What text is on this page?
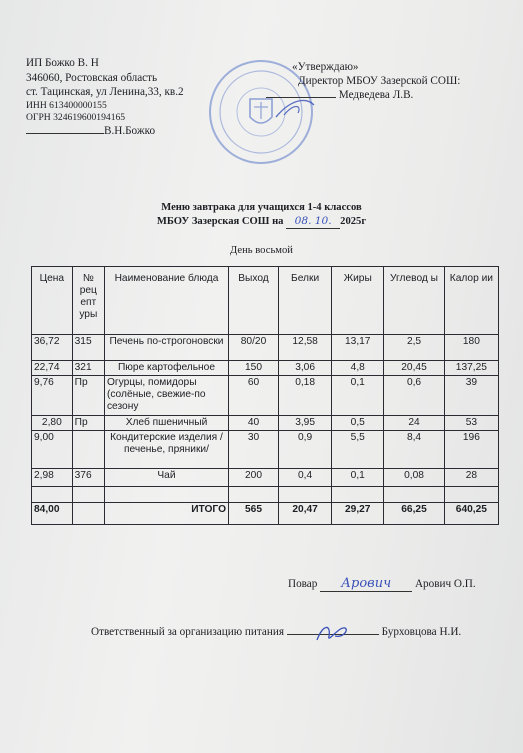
ИП Божко В. Н
346060, Ростовская область
ст. Тацинская, ул Ленина,33, кв.2
ИНН 613400000155
ОГРН 324619600194165
В.Н.Божко
«Утверждаю»
Директор МБОУ Зазерской СОШ:
Медведева Л.В.
Меню завтрака для учащихся 1-4 классов
МБОУ Зазерская СОШ на 08. 10. 2025г
День восьмой
Цена	№ рец епт уры	Наименование блюда	Выход	Белки	Жиры	Углевод ы	Калор ии
36,72	315	Печень по-строгоновски	80/20	12,58	13,17	2,5	180
22,74	321	Пюре картофельное	150	3,06	4,8	20,45	137,25
9,76	Пр	Огурцы, помидоры (солёные, свежие-по сезону	60	0,18	0,1	0,6	39
2,80	Пр	Хлеб пшеничный	40	3,95	0,5	24	53
9,00		Кондитерские изделия /печенье, пряники/	30	0,9	5,5	8,4	196
2,98	376	Чай	200	0,4	0,1	0,08	28

84,00		ИТОГО	565	20,47	29,27	66,25	640,25
Повар Арович Арович О.П.
Ответственный за организацию питания	Бурховцова Н.И.
